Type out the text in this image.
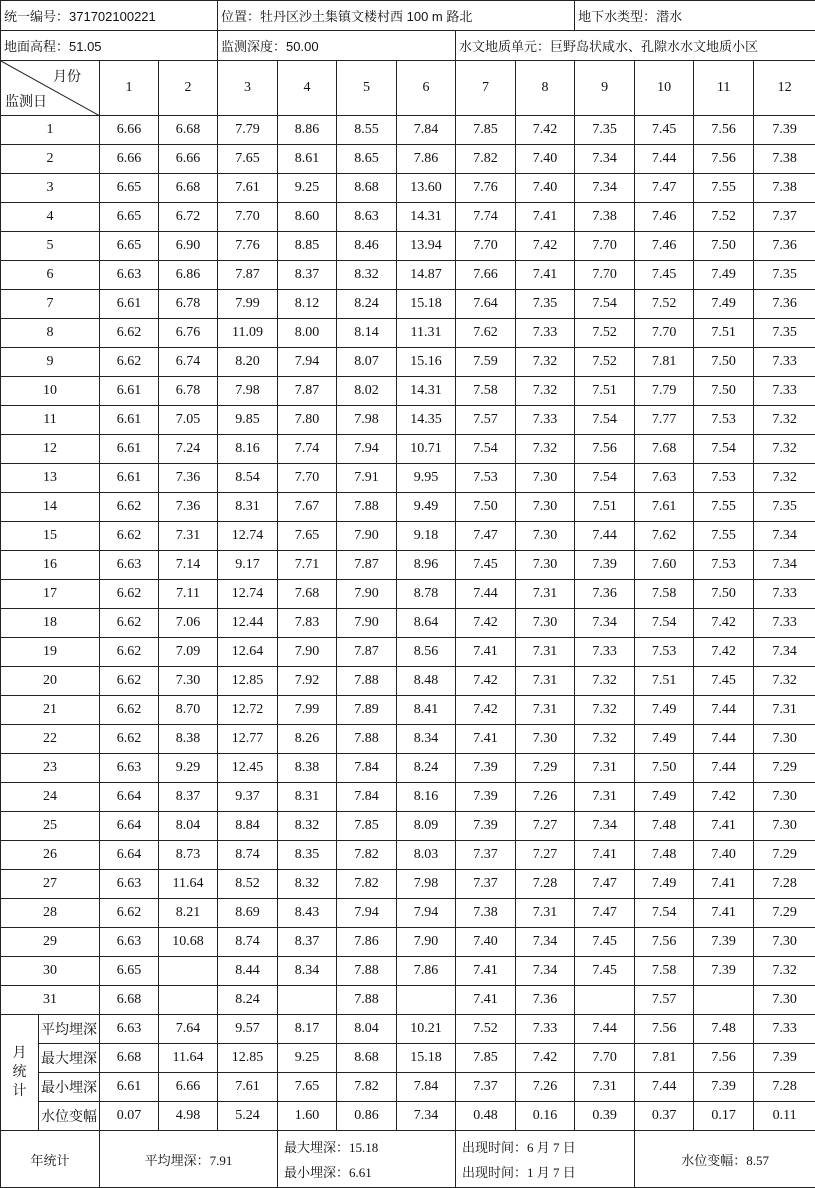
统一编号：371702100221				位置：牡丹区沙土集镇文楼村西 100 m 路北						地下水类型：潜水			
地面高程：51.05				监测深度：50.00				水文地质单元：巨野岛状咸水、孔隙水水文地质小区					

月份
监测日		1	2	3	4	5	6	7	8	9	10	11	12
1		6.66	6.68	7.79	8.86	8.55	7.84	7.85	7.42	7.35	7.45	7.56	7.39
2		6.66	6.66	7.65	8.61	8.65	7.86	7.82	7.40	7.34	7.44	7.56	7.38
3		6.65	6.68	7.61	9.25	8.68	13.60	7.76	7.40	7.34	7.47	7.55	7.38
4		6.65	6.72	7.70	8.60	8.63	14.31	7.74	7.41	7.38	7.46	7.52	7.37
5		6.65	6.90	7.76	8.85	8.46	13.94	7.70	7.42	7.70	7.46	7.50	7.36
6		6.63	6.86	7.87	8.37	8.32	14.87	7.66	7.41	7.70	7.45	7.49	7.35
7		6.61	6.78	7.99	8.12	8.24	15.18	7.64	7.35	7.54	7.52	7.49	7.36
8		6.62	6.76	11.09	8.00	8.14	11.31	7.62	7.33	7.52	7.70	7.51	7.35
9		6.62	6.74	8.20	7.94	8.07	15.16	7.59	7.32	7.52	7.81	7.50	7.33
10		6.61	6.78	7.98	7.87	8.02	14.31	7.58	7.32	7.51	7.79	7.50	7.33
11		6.61	7.05	9.85	7.80	7.98	14.35	7.57	7.33	7.54	7.77	7.53	7.32
12		6.61	7.24	8.16	7.74	7.94	10.71	7.54	7.32	7.56	7.68	7.54	7.32
13		6.61	7.36	8.54	7.70	7.91	9.95	7.53	7.30	7.54	7.63	7.53	7.32
14		6.62	7.36	8.31	7.67	7.88	9.49	7.50	7.30	7.51	7.61	7.55	7.35
15		6.62	7.31	12.74	7.65	7.90	9.18	7.47	7.30	7.44	7.62	7.55	7.34
16		6.63	7.14	9.17	7.71	7.87	8.96	7.45	7.30	7.39	7.60	7.53	7.34
17		6.62	7.11	12.74	7.68	7.90	8.78	7.44	7.31	7.36	7.58	7.50	7.33
18		6.62	7.06	12.44	7.83	7.90	8.64	7.42	7.30	7.34	7.54	7.42	7.33
19		6.62	7.09	12.64	7.90	7.87	8.56	7.41	7.31	7.33	7.53	7.42	7.34
20		6.62	7.30	12.85	7.92	7.88	8.48	7.42	7.31	7.32	7.51	7.45	7.32
21		6.62	8.70	12.72	7.99	7.89	8.41	7.42	7.31	7.32	7.49	7.44	7.31
22		6.62	8.38	12.77	8.26	7.88	8.34	7.41	7.30	7.32	7.49	7.44	7.30
23		6.63	9.29	12.45	8.38	7.84	8.24	7.39	7.29	7.31	7.50	7.44	7.29
24		6.64	8.37	9.37	8.31	7.84	8.16	7.39	7.26	7.31	7.49	7.42	7.30
25		6.64	8.04	8.84	8.32	7.85	8.09	7.39	7.27	7.34	7.48	7.41	7.30
26		6.64	8.73	8.74	8.35	7.82	8.03	7.37	7.27	7.41	7.48	7.40	7.29
27		6.63	11.64	8.52	8.32	7.82	7.98	7.37	7.28	7.47	7.49	7.41	7.28
28		6.62	8.21	8.69	8.43	7.94	7.94	7.38	7.31	7.47	7.54	7.41	7.29
29		6.63	10.68	8.74	8.37	7.86	7.90	7.40	7.34	7.45	7.56	7.39	7.30
30		6.65		8.44	8.34	7.88	7.86	7.41	7.34	7.45	7.58	7.39	7.32
31		6.68		8.24		7.88		7.41	7.36		7.57		7.30
月
统
计	平均埋深	6.63	7.64	9.57	8.17	8.04	10.21	7.52	7.33	7.44	7.56	7.48	7.33
	最大埋深	6.68	11.64	12.85	9.25	8.68	15.18	7.85	7.42	7.70	7.81	7.56	7.39
	最小埋深	6.61	6.66	7.61	7.65	7.82	7.84	7.37	7.26	7.31	7.44	7.39	7.28
	水位变幅	0.07	4.98	5.24	1.60	0.86	7.34	0.48	0.16	0.39	0.37	0.17	0.11
年统计		平均埋深：7.91			最大埋深：15.18
最小埋深：6.61			出现时间：6 月 7 日
出现时间：1 月 7 日			水位变幅：8.57		
